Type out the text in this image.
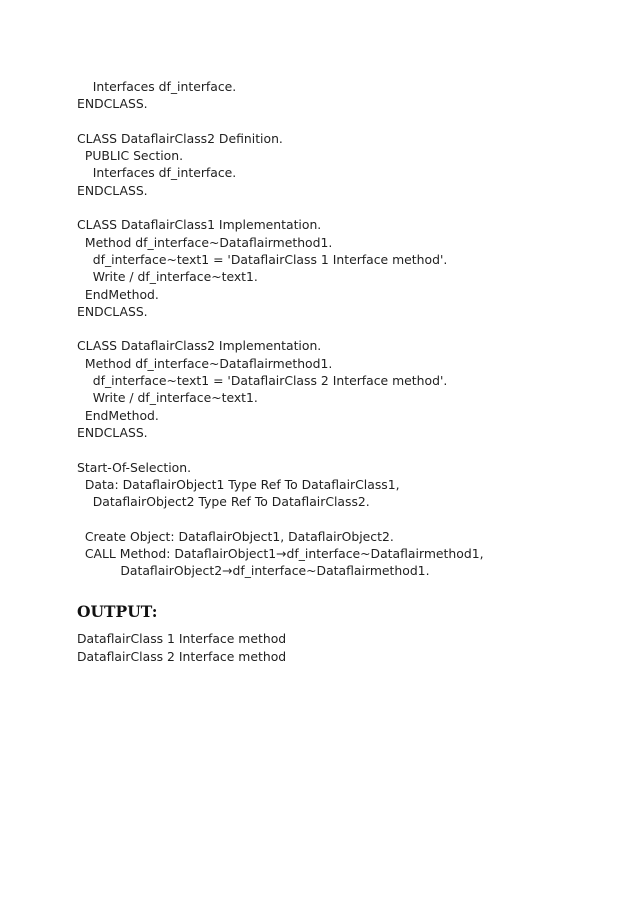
Interfaces df_interface.
ENDCLASS.
CLASS DataflairClass2 Definition.
PUBLIC Section.
Interfaces df_interface.
ENDCLASS.
CLASS DataflairClass1 Implementation.
Method df_interface~Dataflairmethod1.
df_interface~text1 = 'DataflairClass 1 Interface method'.
Write / df_interface~text1.
EndMethod.
ENDCLASS.
CLASS DataflairClass2 Implementation.
Method df_interface~Dataflairmethod1.
df_interface~text1 = 'DataflairClass 2 Interface method'.
Write / df_interface~text1.
EndMethod.
ENDCLASS.
Start-Of-Selection.
Data: DataflairObject1 Type Ref To DataflairClass1,
DataflairObject2 Type Ref To DataflairClass2.
Create Object: DataflairObject1, DataflairObject2.
CALL Method: DataflairObject1→df_interface~Dataflairmethod1,
DataflairObject2→df_interface~Dataflairmethod1.
OUTPUT:
DataflairClass 1 Interface method
DataflairClass 2 Interface method
